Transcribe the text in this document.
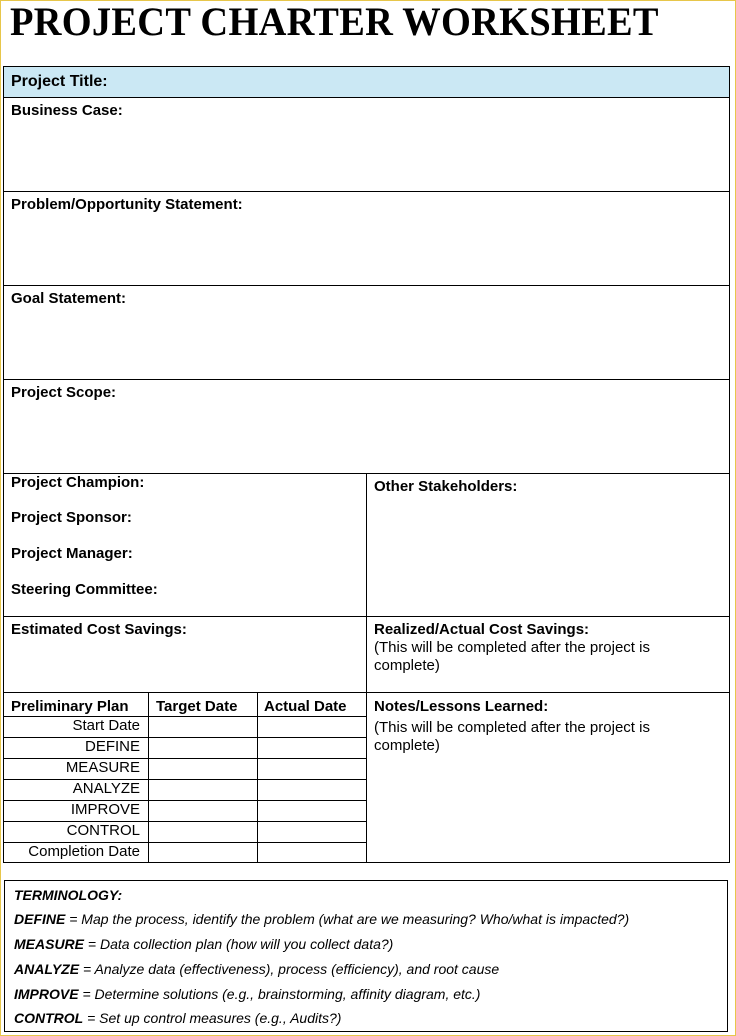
PROJECT CHARTER WORKSHEET
Project Title:
Business Case:
Problem/Opportunity Statement:
Goal Statement:
Project Scope:
Project Champion:
Project Sponsor:
Project Manager:
Steering Committee:
Other Stakeholders:
Estimated Cost Savings:	Realized/Actual Cost Savings:
(This will be completed after the project is complete)
Preliminary Plan Target Date Actual Date
Start Date
DEFINE
MEASURE
ANALYZE
IMPROVE
CONTROL
Completion Date
Notes/Lessons Learned:
(This will be completed after the project is complete)
TERMINOLOGY:
DEFINE = Map the process, identify the problem (what are we measuring? Who/what is impacted?)
MEASURE = Data collection plan (how will you collect data?)
ANALYZE = Analyze data (effectiveness), process (efficiency), and root cause
IMPROVE = Determine solutions (e.g., brainstorming, affinity diagram, etc.)
CONTROL = Set up control measures (e.g., Audits?)
